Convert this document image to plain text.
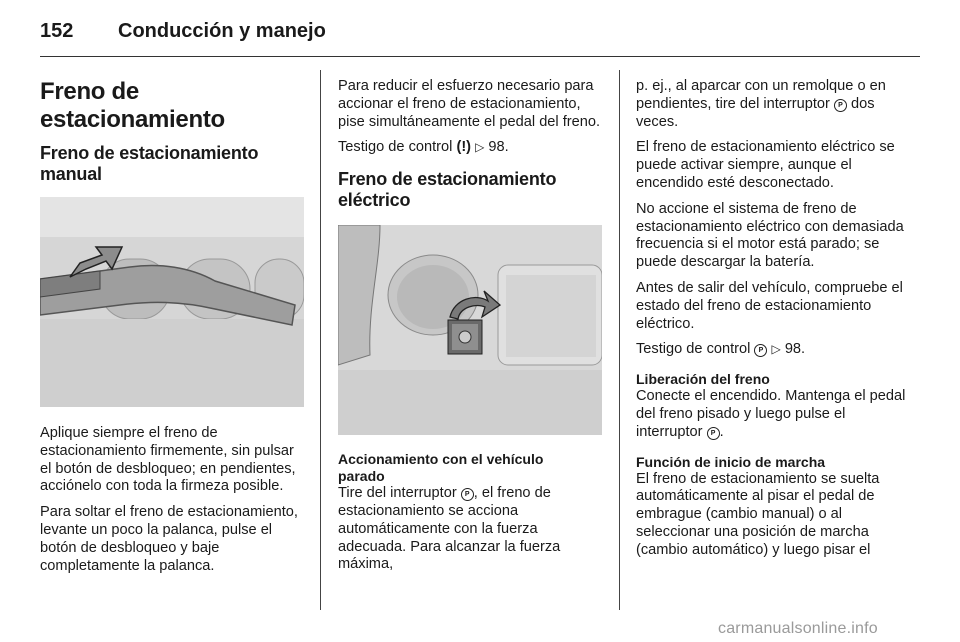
152 Conducción y manejo
Freno de estacionamiento
Freno de estacionamiento manual

Aplique siempre el freno de estacionamiento firmemente, sin pulsar el botón de desbloqueo; en pendientes, acciónelo con toda la firmeza posible.

Para soltar el freno de estacionamiento, levante un poco la palanca, pulse el botón de desbloqueo y baje completamente la palanca.

Para reducir el esfuerzo necesario para accionar el freno de estacionamiento, pise simultáneamente el pedal del freno.

Testigo de control (!) ▷ 98.

Freno de estacionamiento eléctrico
Accionamiento con el vehículo parado

Tire del interruptor P , el freno de estacionamiento se acciona automáticamente con la fuerza adecuada. Para alcanzar la fuerza máxima,

p. ej., al aparcar con un remolque o en pendientes, tire del interruptor P dos veces.

El freno de estacionamiento eléctrico se puede activar siempre, aunque el encendido esté desconectado.

No accione el sistema de freno de estacionamiento eléctrico con demasiada frecuencia si el motor está parado; se puede descargar la batería.

Antes de salir del vehículo, compruebe el estado del freno de estacionamiento eléctrico.

Testigo de control P ▷ 98.

Liberación del freno

Conecte el encendido. Mantenga el pedal del freno pisado y luego pulse el interruptor P .

Función de inicio de marcha

El freno de estacionamiento se suelta automáticamente al pisar el pedal de embrague (cambio manual) o al seleccionar una posición de marcha (cambio automático) y luego pisar el

carmanualsonline.info
